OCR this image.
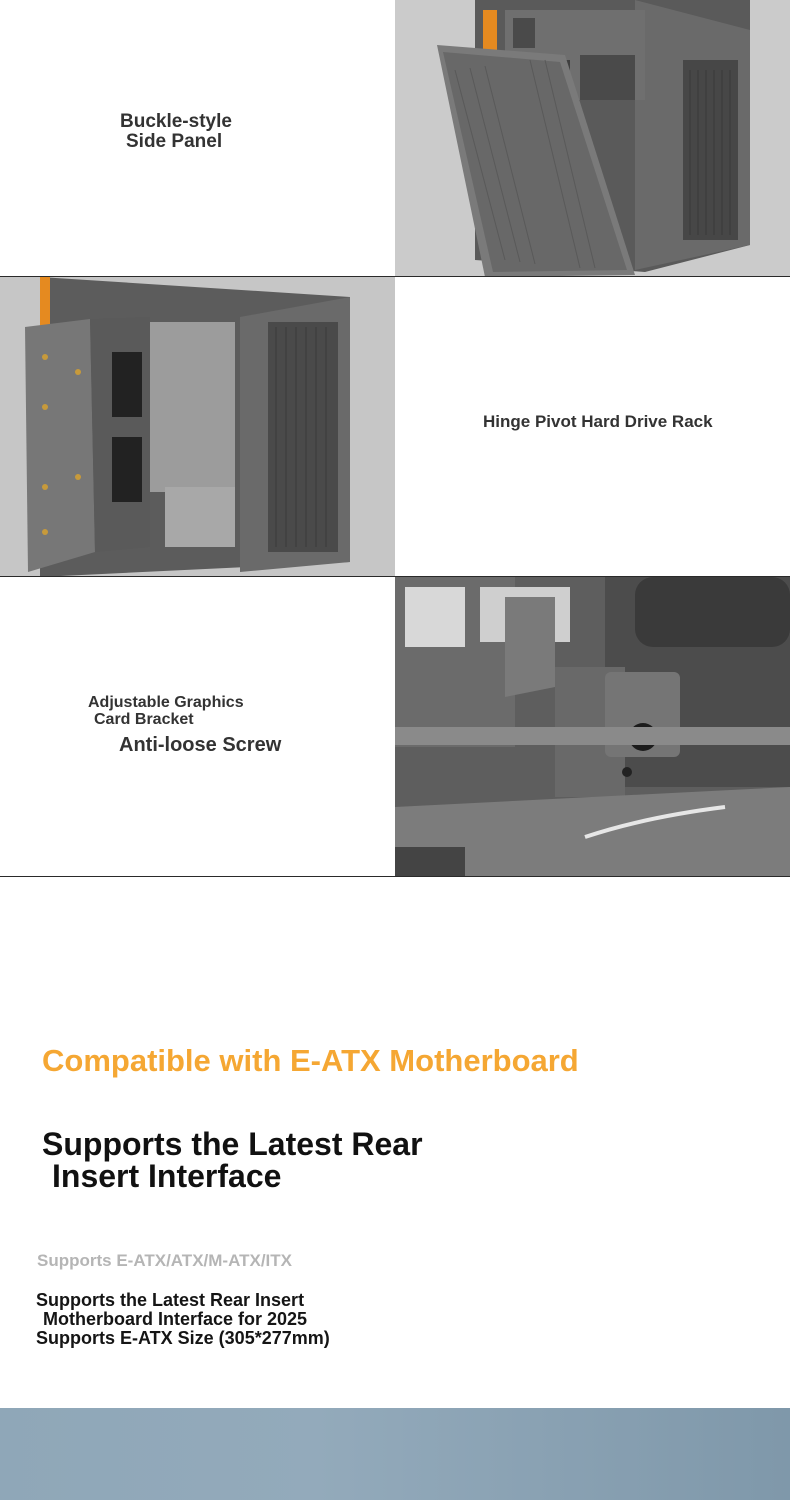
Buckle-style
Side Panel
Hinge Pivot Hard Drive Rack
Adjustable Graphics
Card Bracket
Anti-loose Screw
Compatible with E-ATX Motherboard
Supports the Latest Rear
Insert Interface
Supports E-ATX/ATX/M-ATX/ITX
Supports the Latest Rear Insert
Motherboard Interface for 2025
Supports E-ATX Size (305*277mm)
